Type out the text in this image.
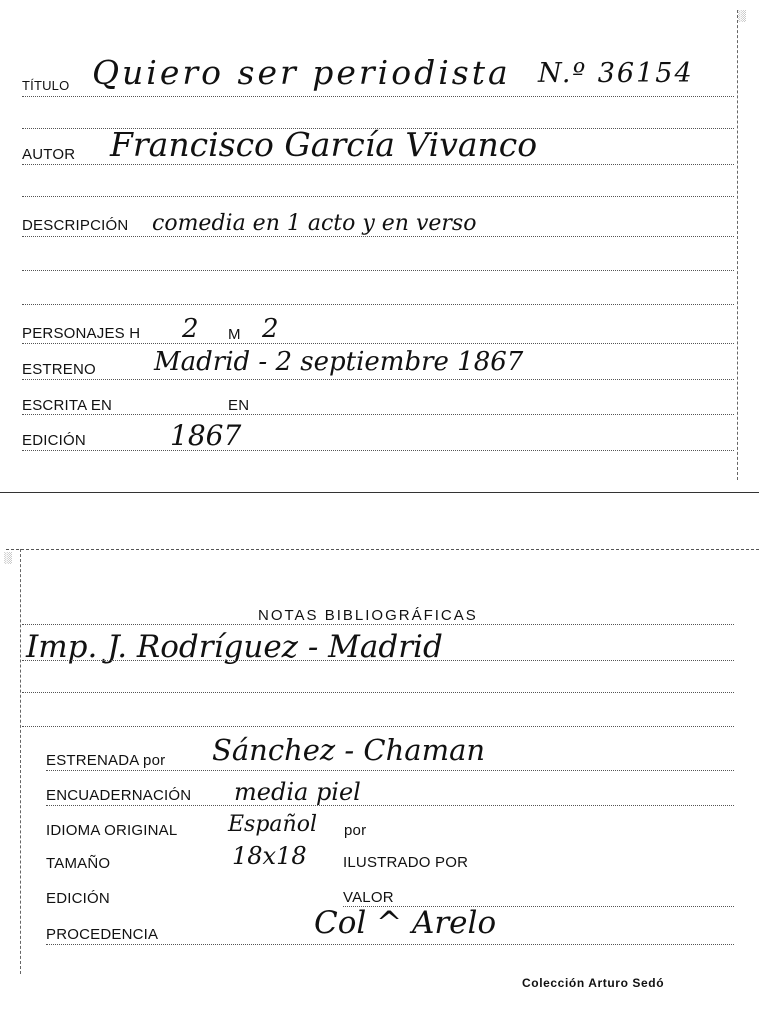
░
TÍTULO Quiero ser periodista N.º 36154
AUTOR Francisco García Vivanco
DESCRIPCIÓN comedia en 1 acto y en verso
PERSONAJES H 2 M 2
ESTRENO Madrid - 2 septiembre 1867
ESCRITA EN	EN
EDICIÓN	1867
░
NOTAS BIBLIOGRÁFICAS
Imp. J. Rodríguez - Madrid
ESTRENADA por Sánchez - Chaman
ENCUADERNACIÓN media piel
IDIOMA ORIGINAL Español por
TAMAÑO	18x18 ILUSTRADO POR
EDICIÓN	VALOR
PROCEDENCIA	Col ^ Arelo
Colección Arturo Sedó
